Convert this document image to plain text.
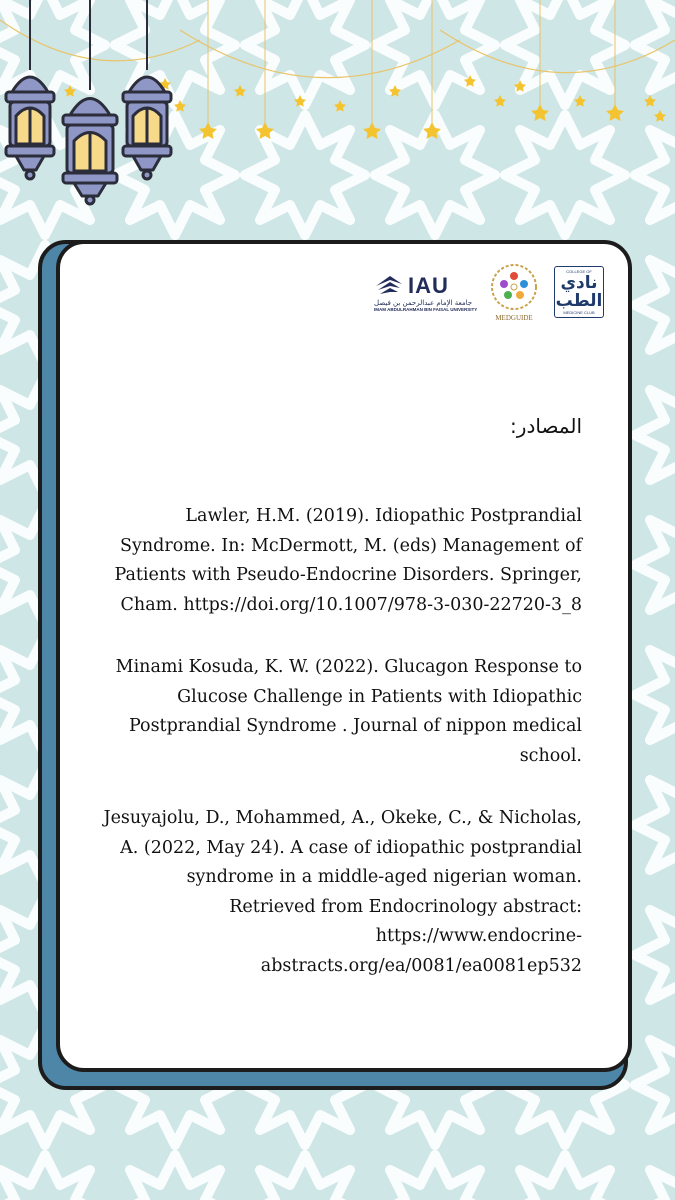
IAU
جامعة الإمام عبدالرحمن بن فيصل
IMAM ABDULRAHMAN BIN FAISAL UNIVERSITY
MEDGUIDE
COLLEGE OF
نادي
الطب
MEDICINE CLUB
المصادر:

Lawler, H.M. (2019). Idiopathic Postprandial Syndrome. In: McDermott, M. (eds) Management of Patients with Pseudo-Endocrine Disorders. Springer, Cham. https://doi.org/10.1007/978-3-030-22720-3_8

Minami Kosuda, K. W. (2022). Glucagon Response to Glucose Challenge in Patients with Idiopathic Postprandial Syndrome . Journal of nippon medical school.

Jesuyajolu, D., Mohammed, A., Okeke, C., & Nicholas, A. (2022, May 24). A case of idiopathic postprandial syndrome in a middle-aged nigerian woman. Retrieved from Endocrinology abstract: https://www.endocrine-abstracts.org/ea/0081/ea0081ep532
